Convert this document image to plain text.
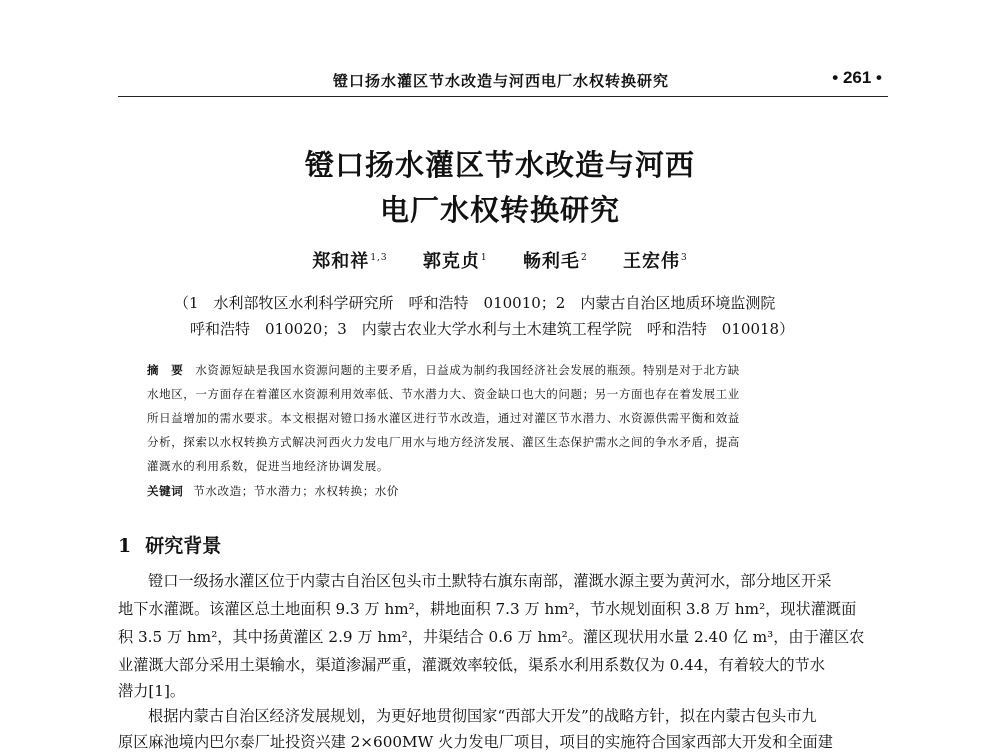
镫口扬水灌区节水改造与河西电厂水权转换研究	• 261 •
镫口扬水灌区节水改造与河西
电厂水权转换研究
郑和祥$^{1,3}$ 郭克贞$^1$ 畅利毛$^2$ 王宏伟$^3$
（1　水利部牧区水利科学研究所　呼和浩特　010010；2　内蒙古自治区地质环境监测院
呼和浩特　010020；3　内蒙古农业大学水利与土木建筑工程学院　呼和浩特　010018）
摘　要 水资源短缺是我国水资源问题的主要矛盾，日益成为制约我国经济社会发展的瓶颈。特别是对于北方缺
水地区，一方面存在着灌区水资源利用效率低、节水潜力大、资金缺口也大的问题；另一方面也存在着发展工业
所日益增加的需水要求。本文根据对镫口扬水灌区进行节水改造，通过对灌区节水潜力、水资源供需平衡和效益
分析，探索以水权转换方式解决河西火力发电厂用水与地方经济发展、灌区生态保护需水之间的争水矛盾，提高
灌溉水的利用系数，促进当地经济协调发展。
关键词 节水改造；节水潜力；水权转换；水价
1 研究背景
镫口一级扬水灌区位于内蒙古自治区包头市土默特右旗东南部，灌溉水源主要为黄河水，部分地区开采
地下水灌溉。该灌区总土地面积 9.3 万 hm²，耕地面积 7.3 万 hm²，节水规划面积 3.8 万 hm²，现状灌溉面
积 3.5 万 hm²，其中扬黄灌区 2.9 万 hm²，井渠结合 0.6 万 hm²。灌区现状用水量 2.40 亿 m³，由于灌区农
业灌溉大部分采用土渠输水，渠道渗漏严重，灌溉效率较低，渠系水利用系数仅为 0.44，有着较大的节水
潜力[1]。
根据内蒙古自治区经济发展规划，为更好地贯彻国家“西部大开发”的战略方针，拟在内蒙古包头市九
原区麻池境内巴尔泰厂址投资兴建 2×600MW 火力发电厂项目，项目的实施符合国家西部大开发和全面建
